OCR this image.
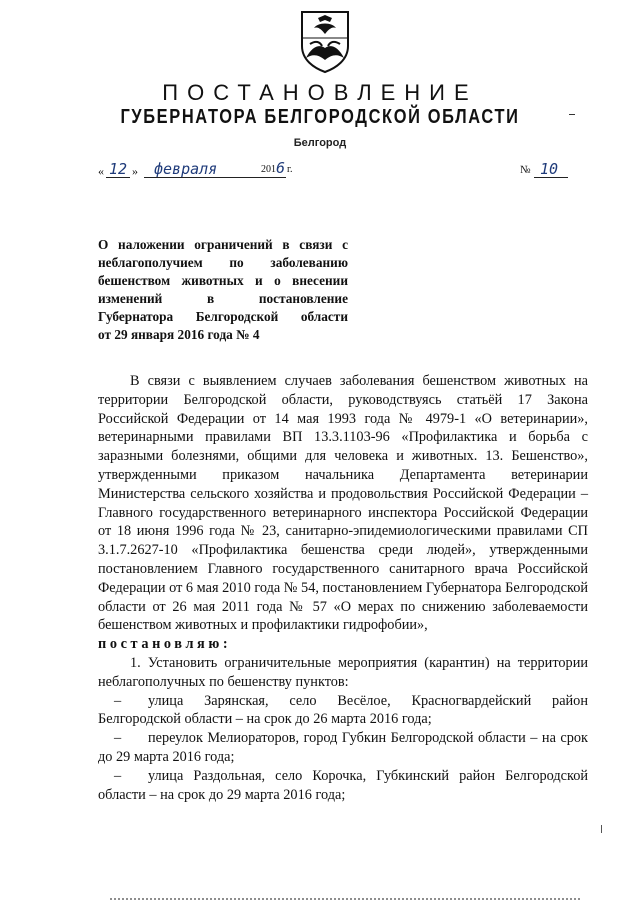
ПОСТАНОВЛЕНИЕ
ГУБЕРНАТОРА БЕЛГОРОДСКОЙ ОБЛАСТИ
Белгород
« 12 » февраля	201 6 г.	№ 10
О наложении ограничений в связи с
неблагополучием по заболеванию
бешенством животных и о внесении
изменений в постановление
Губернатора Белгородской области
от 29 января 2016 года № 4

В связи с выявлением случаев заболевания бешенством животных на территории Белгородской области, руководствуясь статьёй 17 Закона Российской Федерации от 14 мая 1993 года № 4979-1 «О ветеринарии», ветеринарными правилами ВП 13.3.1103-96 «Профилактика и борьба с заразными болезнями, общими для человека и животных. 13. Бешенство», утвержденными приказом начальника Департамента ветеринарии Министерства сельского хозяйства и продовольствия Российской Федерации – Главного государственного ветеринарного инспектора Российской Федерации от 18 июня 1996 года № 23, санитарно-эпидемиологическими правилами СП 3.1.7.2627-10 «Профилактика бешенства среди людей», утвержденными постановлением Главного государственного санитарного врача Российской Федерации от 6 мая 2010 года № 54, постановлением Губернатора Белгородской области от 26 мая 2011 года № 57 «О мерах по снижению заболеваемости бешенством животных и профилактики гидрофобии»,

постановляю:

1. Установить ограничительные мероприятия (карантин) на территории неблагополучных по бешенству пунктов:

– улица Зарянская, село Весёлое, Красногвардейский район Белгородской области – на срок до 26 марта 2016 года;

– переулок Мелиораторов, город Губкин Белгородской области – на срок до 29 марта 2016 года;

– улица Раздольная, село Корочка, Губкинский район Белгородской области – на срок до 29 марта 2016 года;
